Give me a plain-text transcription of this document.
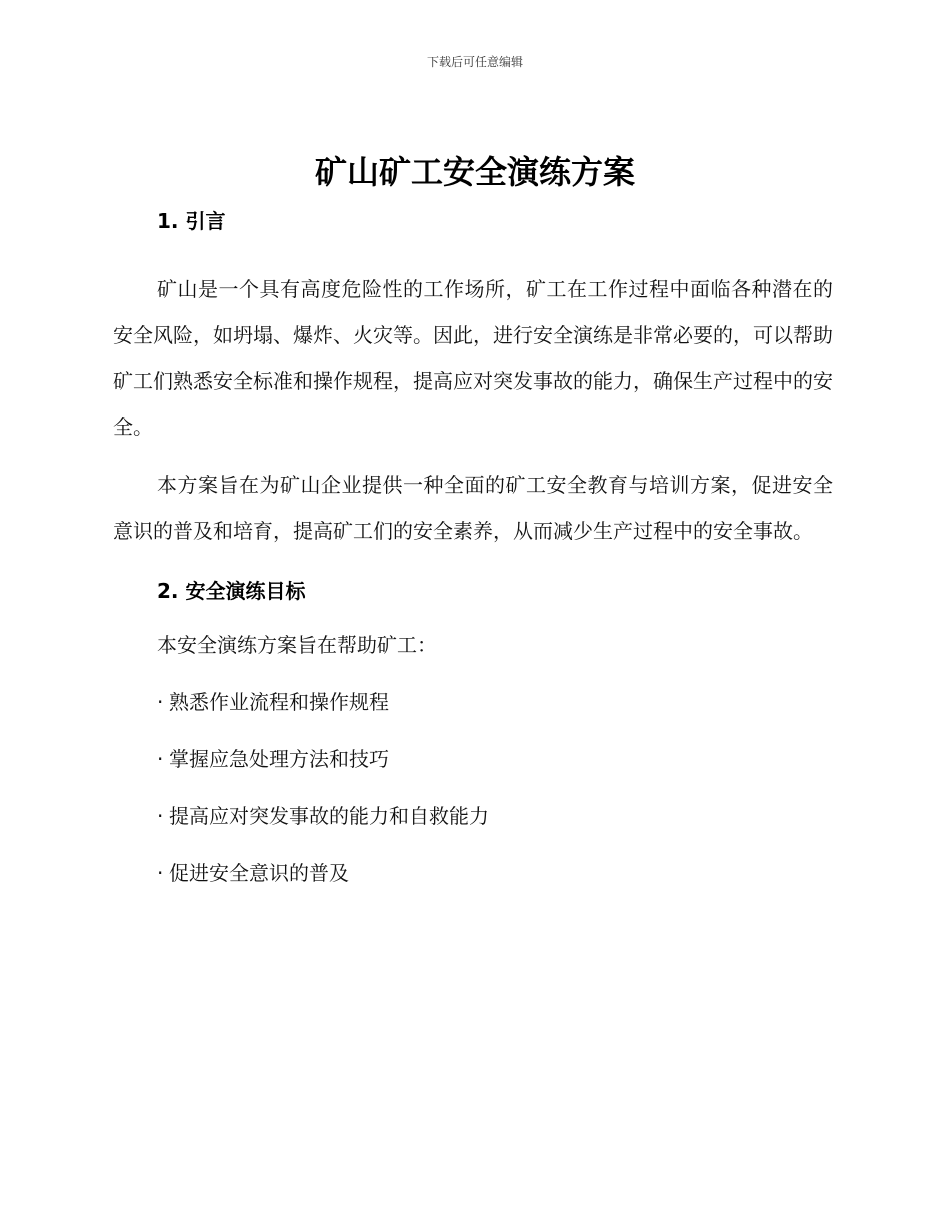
下载后可任意编辑
矿山矿工安全演练方案
1. 引言

矿山是一个具有高度危险性的工作场所，矿工在工作过程中面临各种潜在的安全风险，如坍塌、爆炸、火灾等。因此，进行安全演练是非常必要的，可以帮助矿工们熟悉安全标准和操作规程，提高应对突发事故的能力，确保生产过程中的安全。

本方案旨在为矿山企业提供一种全面的矿工安全教育与培训方案，促进安全意识的普及和培育，提高矿工们的安全素养，从而减少生产过程中的安全事故。

2. 安全演练目标

本安全演练方案旨在帮助矿工：

· 熟悉作业流程和操作规程
· 掌握应急处理方法和技巧
· 提高应对突发事故的能力和自救能力
· 促进安全意识的普及
